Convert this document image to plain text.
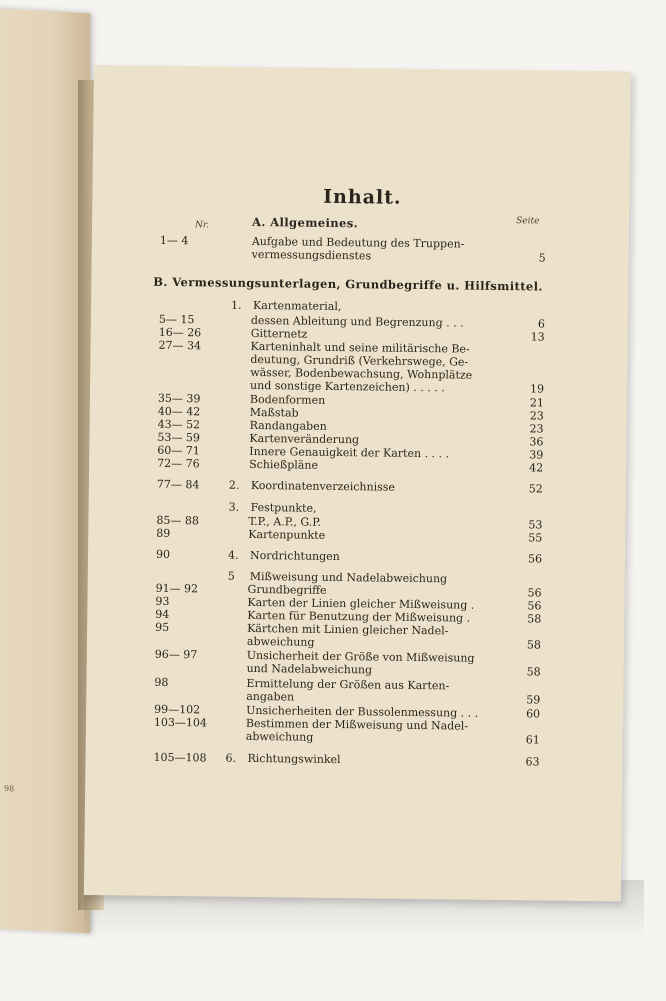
98
Inhalt.
Seite
Nr.	A. Allgemeines.
B. Vermessungsunterlagen, Grundbegriffe u. Hilfsmittel.
1— 4	Aufgabe und Bedeutung des Truppen-
vermessungsdienstes	5
1.	Kartenmaterial,
5— 15	dessen Ableitung und Begrenzung . . .	6
16— 26	Gitternetz	13
27— 34	Karteninhalt und seine militärische Be-
deutung, Grundriß (Verkehrswege, Ge-
wässer, Bodenbewachsung, Wohnplätze
und sonstige Kartenzeichen) . . . . .	19
35— 39	Bodenformen	21
40— 42	Maßstab	23
43— 52	Randangaben	23
53— 59	Kartenveränderung	36
60— 71	Innere Genauigkeit der Karten . . . .	39
72— 76	Schießpläne	42
77— 84	2.	Koordinatenverzeichnisse	52
3.	Festpunkte,
85— 88	T.P., A.P., G.P.	53
89	Kartenpunkte	55
90	4.	Nordrichtungen	56
5	Mißweisung und Nadelabweichung
91— 92	Grundbegriffe	56
93	Karten der Linien gleicher Mißweisung .	56
94	Karten für Benutzung der Mißweisung .	58
95	Kärtchen mit Linien gleicher Nadel-
abweichung	58
96— 97	Unsicherheit der Größe von Mißweisung
und Nadelabweichung	58
98	Ermittelung der Größen aus Karten-
angaben	59
99—102	Unsicherheiten der Bussolenmessung . . .	60
103—104	Bestimmen der Mißweisung und Nadel-
abweichung	61
105—108	6.	Richtungswinkel	63
